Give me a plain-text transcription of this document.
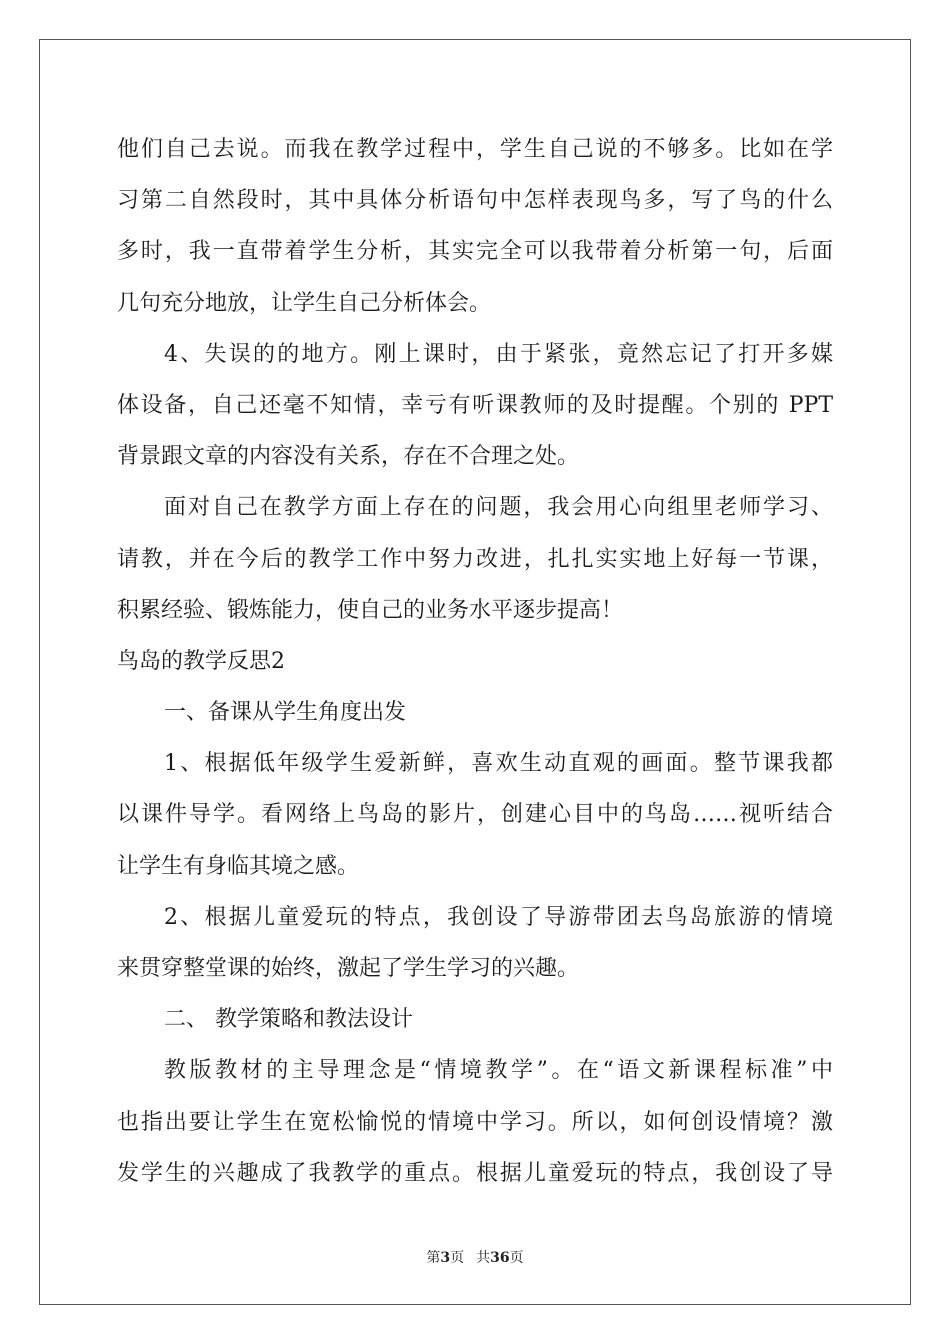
他们自己去说。而我在教学过程中，学生自己说的不够多。比如在学
习第二自然段时，其中具体分析语句中怎样表现鸟多，写了鸟的什么
多时，我一直带着学生分析，其实完全可以我带着分析第一句，后面
几句充分地放，让学生自己分析体会。
4、失误的的地方。刚上课时，由于紧张，竟然忘记了打开多媒
体设备，自己还毫不知情，幸亏有听课教师的及时提醒。个别的 PPT
背景跟文章的内容没有关系，存在不合理之处。
面对自己在教学方面上存在的问题，我会用心向组里老师学习、
请教，并在今后的教学工作中努力改进，扎扎实实地上好每一节课，
积累经验、锻炼能力，使自己的业务水平逐步提高！
鸟岛的教学反思2
一、备课从学生角度出发
1、根据低年级学生爱新鲜，喜欢生动直观的画面。整节课我都
以课件导学。看网络上鸟岛的影片，创建心目中的鸟岛……视听结合
让学生有身临其境之感。
2、根据儿童爱玩的特点，我创设了导游带团去鸟岛旅游的情境
来贯穿整堂课的始终，激起了学生学习的兴趣。
二、 教学策略和教法设计
教版教材的主导理念是“情境教学”。在“语文新课程标准”中
也指出要让学生在宽松愉悦的情境中学习。所以，如何创设情境？激
发学生的兴趣成了我教学的重点。根据儿童爱玩的特点，我创设了导
第3页 共36页
